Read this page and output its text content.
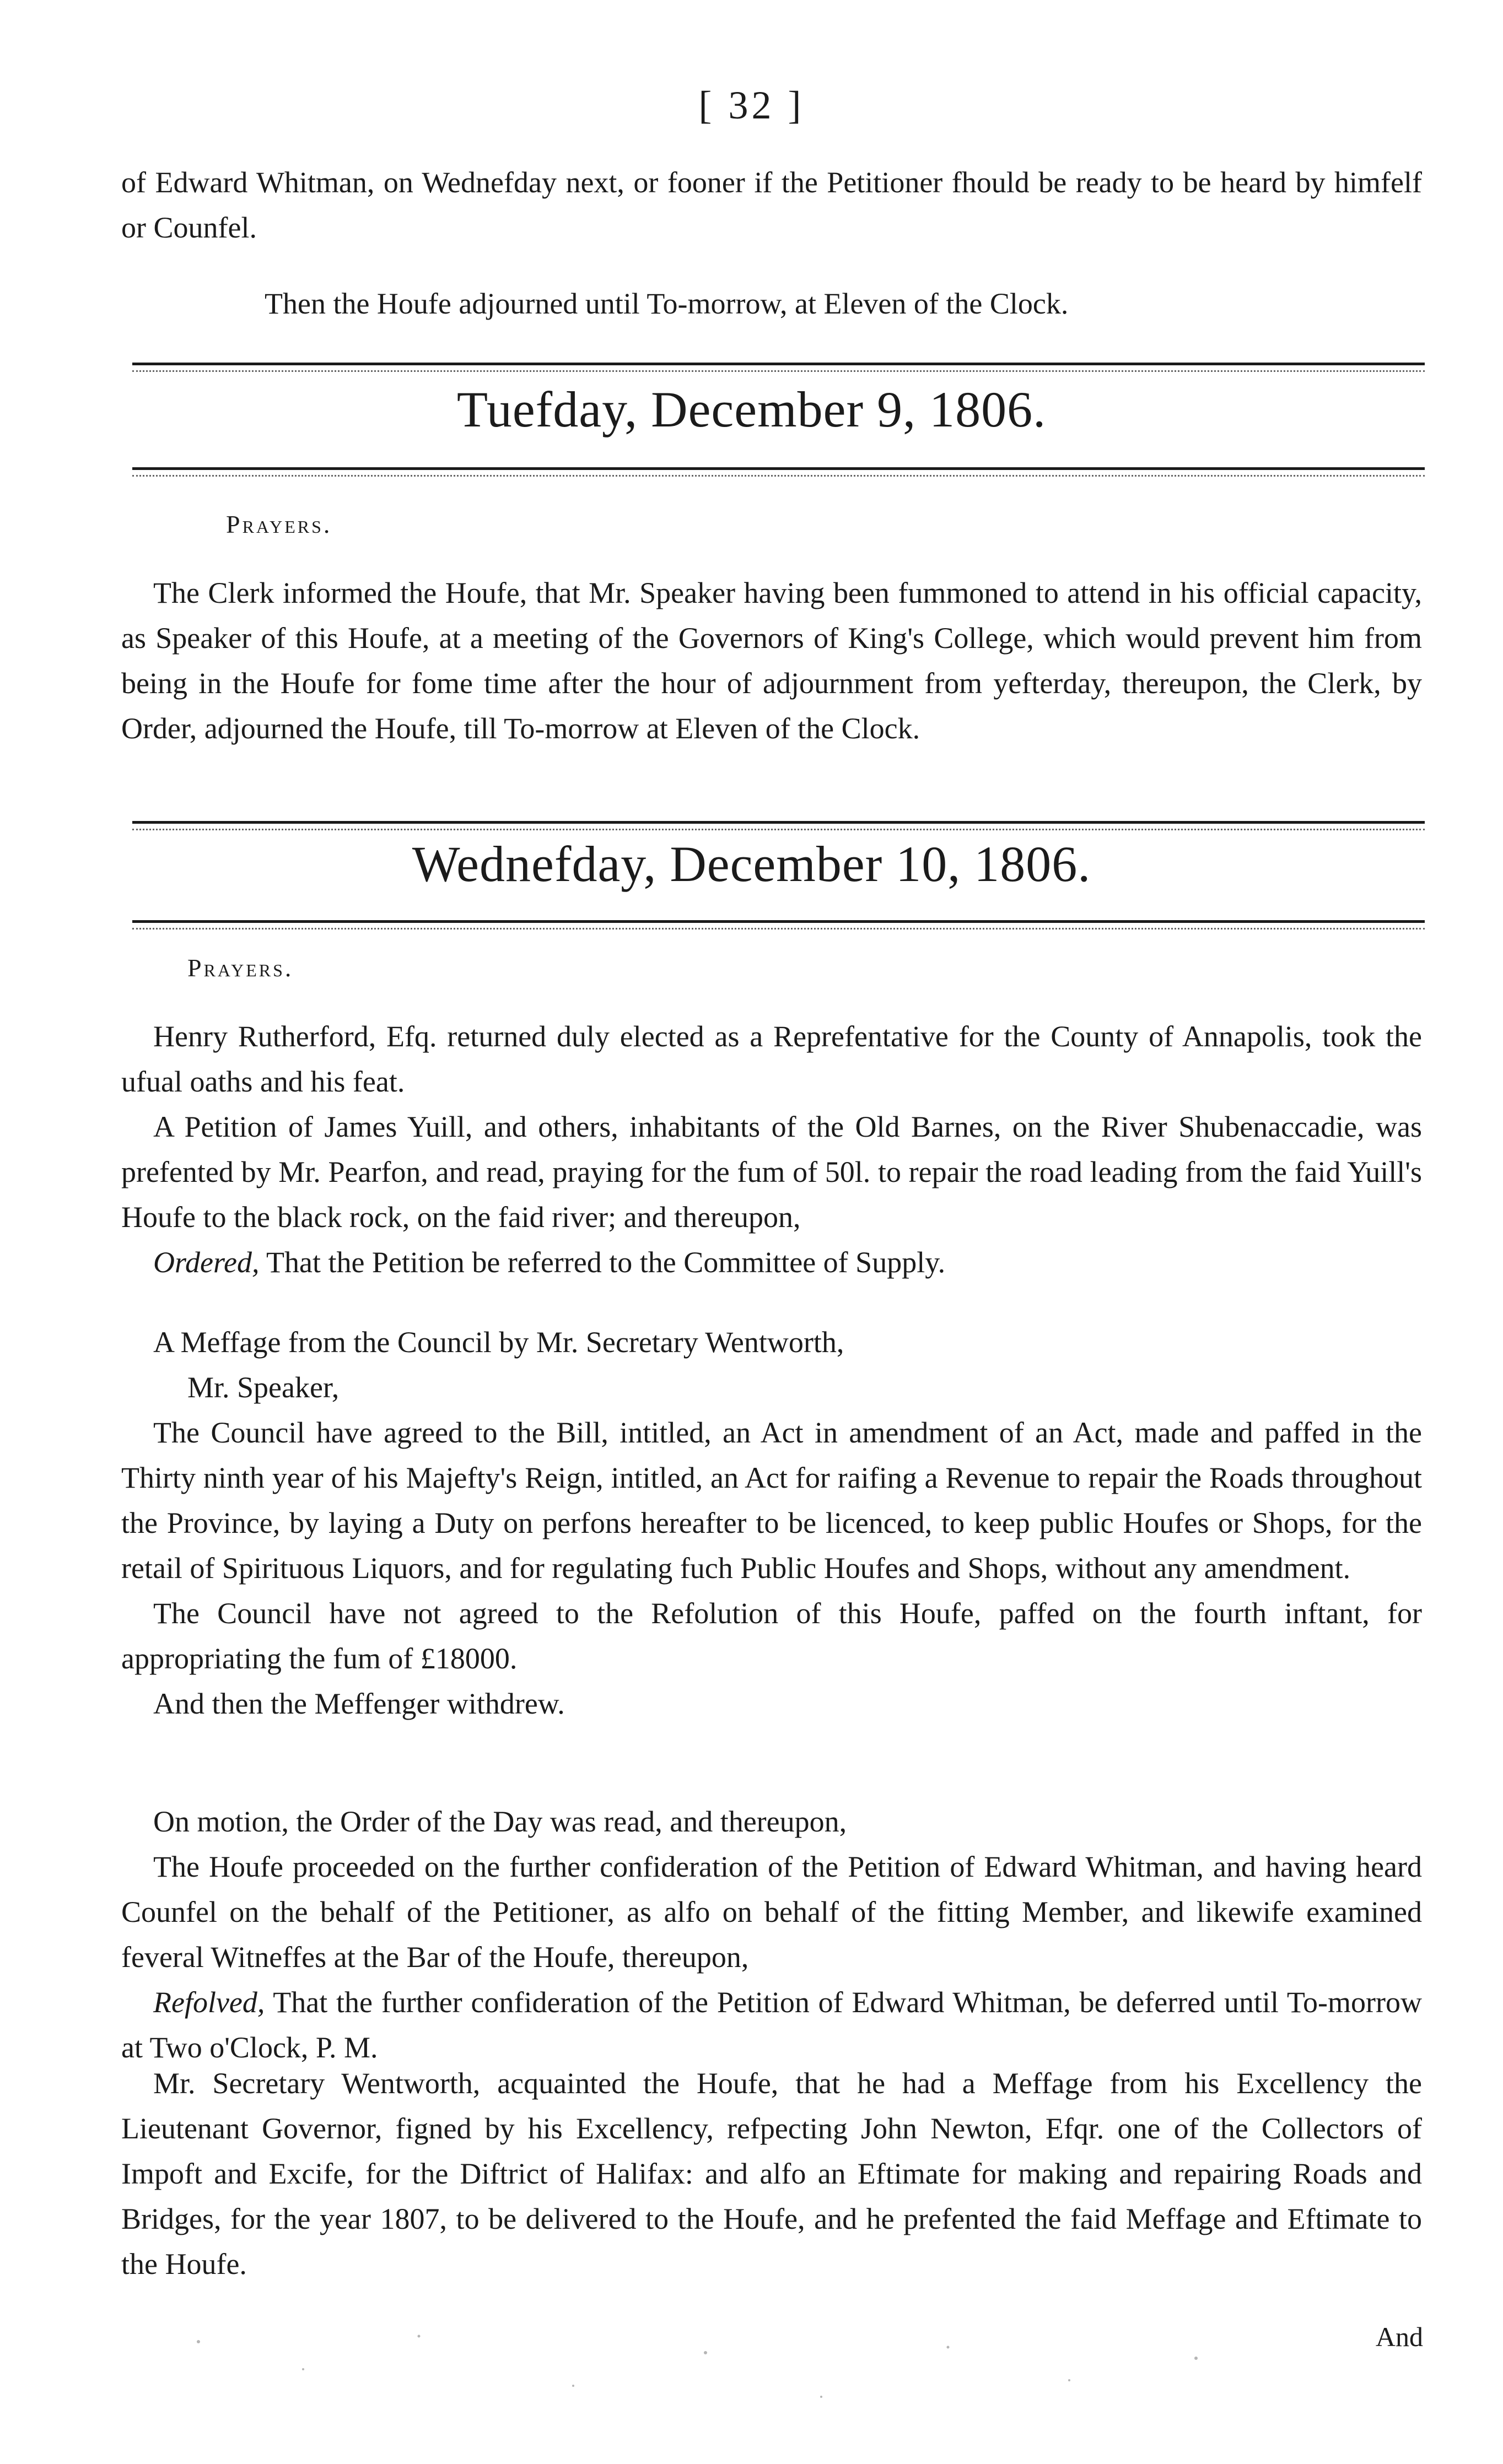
[ 32 ]

of Edward Whitman, on Wednefday next, or fooner if the Petitioner fhould be ready to be heard by himfelf or Counfel.

Then the Houfe adjourned until To-morrow, at Eleven of the Clock.

Tuefday, December 9, 1806.
Prayers.

The Clerk informed the Houfe, that Mr. Speaker having been fummoned to attend in his official capacity, as Speaker of this Houfe, at a meeting of the Governors of King's College, which would prevent him from being in the Houfe for fome time after the hour of adjournment from yefterday, thereupon, the Clerk, by Order, adjourned the Houfe, till To-morrow at Eleven of the Clock.

Wednefday, December 10, 1806.
Prayers.

Henry Rutherford, Efq. returned duly elected as a Reprefentative for the County of Annapolis, took the ufual oaths and his feat.

A Petition of James Yuill, and others, inhabitants of the Old Barnes, on the River Shubenaccadie, was prefented by Mr. Pearfon, and read, praying for the fum of 50l. to repair the road leading from the faid Yuill's Houfe to the black rock, on the faid river; and thereupon,

Ordered, That the Petition be referred to the Committee of Supply.

A Meffage from the Council by Mr. Secretary Wentworth,

Mr. Speaker,

The Council have agreed to the Bill, intitled, an Act in amendment of an Act, made and paffed in the Thirty ninth year of his Majefty's Reign, intitled, an Act for raifing a Revenue to repair the Roads throughout the Province, by laying a Duty on perfons hereafter to be licenced, to keep public Houfes or Shops, for the retail of Spirituous Liquors, and for regulating fuch Public Houfes and Shops, without any amendment.

The Council have not agreed to the Refolution of this Houfe, paffed on the fourth inftant, for appropriating the fum of £18000.

And then the Meffenger withdrew.

On motion, the Order of the Day was read, and thereupon,

The Houfe proceeded on the further confideration of the Petition of Edward Whitman, and having heard Counfel on the behalf of the Petitioner, as alfo on behalf of the fitting Member, and likewife examined feveral Witneffes at the Bar of the Houfe, thereupon,

Refolved, That the further confideration of the Petition of Edward Whitman, be deferred until To-morrow at Two o'Clock, P. M.

Mr. Secretary Wentworth, acquainted the Houfe, that he had a Meffage from his Excellency the Lieutenant Governor, figned by his Excellency, refpecting John Newton, Efqr. one of the Collectors of Impoft and Excife, for the Diftrict of Halifax: and alfo an Eftimate for making and repairing Roads and Bridges, for the year 1807, to be delivered to the Houfe, and he prefented the faid Meffage and Eftimate to the Houfe.

And
